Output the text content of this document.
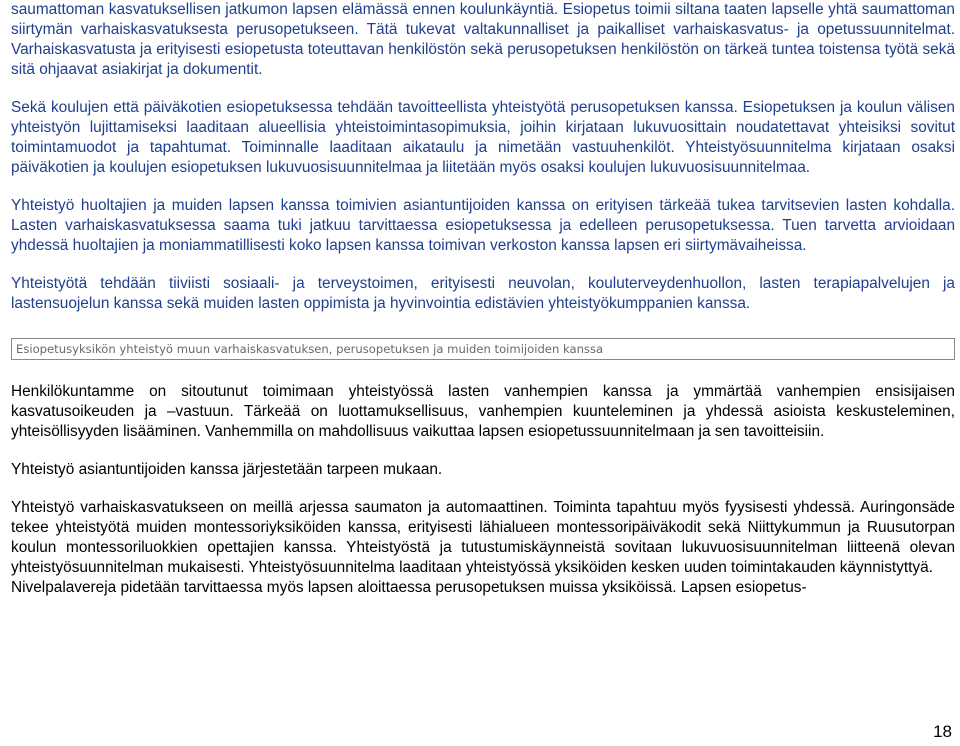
saumattoman kasvatuksellisen jatkumon lapsen elämässä ennen koulunkäyntiä. Esiopetus toimii siltana taaten lapselle yhtä saumattoman siirtymän varhaiskasvatuksesta perusopetukseen. Tätä tukevat valtakunnalliset ja paikalliset varhaiskasvatus- ja opetussuunnitelmat. Varhaiskasvatusta ja erityisesti esiopetusta toteuttavan henkilöstön sekä perusopetuksen henkilöstön on tärkeä tuntea toistensa työtä sekä sitä ohjaavat asiakirjat ja dokumentit.

Sekä koulujen että päiväkotien esiopetuksessa tehdään tavoitteellista yhteistyötä perusopetuksen kanssa. Esiopetuksen ja koulun välisen yhteistyön lujittamiseksi laaditaan alueellisia yhteistoimintasopimuksia, joihin kirjataan lukuvuosittain noudatettavat yhteisiksi sovitut toimintamuodot ja tapahtumat. Toiminnalle laaditaan aikataulu ja nimetään vastuuhenkilöt. Yhteistyösuunnitelma kirjataan osaksi päiväkotien ja koulujen esiopetuksen lukuvuosisuunnitelmaa ja liitetään myös osaksi koulujen lukuvuosisuunnitelmaa.

Yhteistyö huoltajien ja muiden lapsen kanssa toimivien asiantuntijoiden kanssa on erityisen tärkeää tukea tarvitsevien lasten kohdalla. Lasten varhaiskasvatuksessa saama tuki jatkuu tarvittaessa esiopetuksessa ja edelleen perusopetuksessa. Tuen tarvetta arvioidaan yhdessä huoltajien ja moniammatillisesti koko lapsen kanssa toimivan verkoston kanssa lapsen eri siirtymävaiheissa.

Yhteistyötä tehdään tiiviisti sosiaali- ja terveystoimen, erityisesti neuvolan, kouluterveydenhuollon, lasten terapiapalvelujen ja lastensuojelun kanssa sekä muiden lasten oppimista ja hyvinvointia edistävien yhteistyökumppanien kanssa.

Esiopetusyksikön yhteistyö muun varhaiskasvatuksen, perusopetuksen ja muiden toimijoiden kanssa

Henkilökuntamme on sitoutunut toimimaan yhteistyössä lasten vanhempien kanssa ja ymmärtää vanhempien ensisijaisen kasvatusoikeuden ja –vastuun. Tärkeää on luottamuksellisuus, vanhempien kuunteleminen ja yhdessä asioista keskusteleminen, yhteisöllisyyden lisääminen. Vanhemmilla on mahdollisuus vaikuttaa lapsen esiopetussuunnitelmaan ja sen tavoitteisiin.

Yhteistyö asiantuntijoiden kanssa järjestetään tarpeen mukaan.

Yhteistyö varhaiskasvatukseen on meillä arjessa saumaton ja automaattinen. Toiminta tapahtuu myös fyysisesti yhdessä. Auringonsäde tekee yhteistyötä muiden montessoriyksiköiden kanssa, erityisesti lähialueen montessoripäiväkodit sekä Niittykummun ja Ruusutorpan koulun montessoriluokkien opettajien kanssa. Yhteistyöstä ja tutustumiskäynneistä sovitaan lukuvuosisuunnitelman liitteenä olevan yhteistyösuunnitelman mukaisesti. Yhteistyösuunnitelma laaditaan yhteistyössä yksiköiden kesken uuden toimintakauden käynnistyttyä.

Nivelpalavereja pidetään tarvittaessa myös lapsen aloittaessa perusopetuksen muissa yksiköissä. Lapsen esiopetus-

18
